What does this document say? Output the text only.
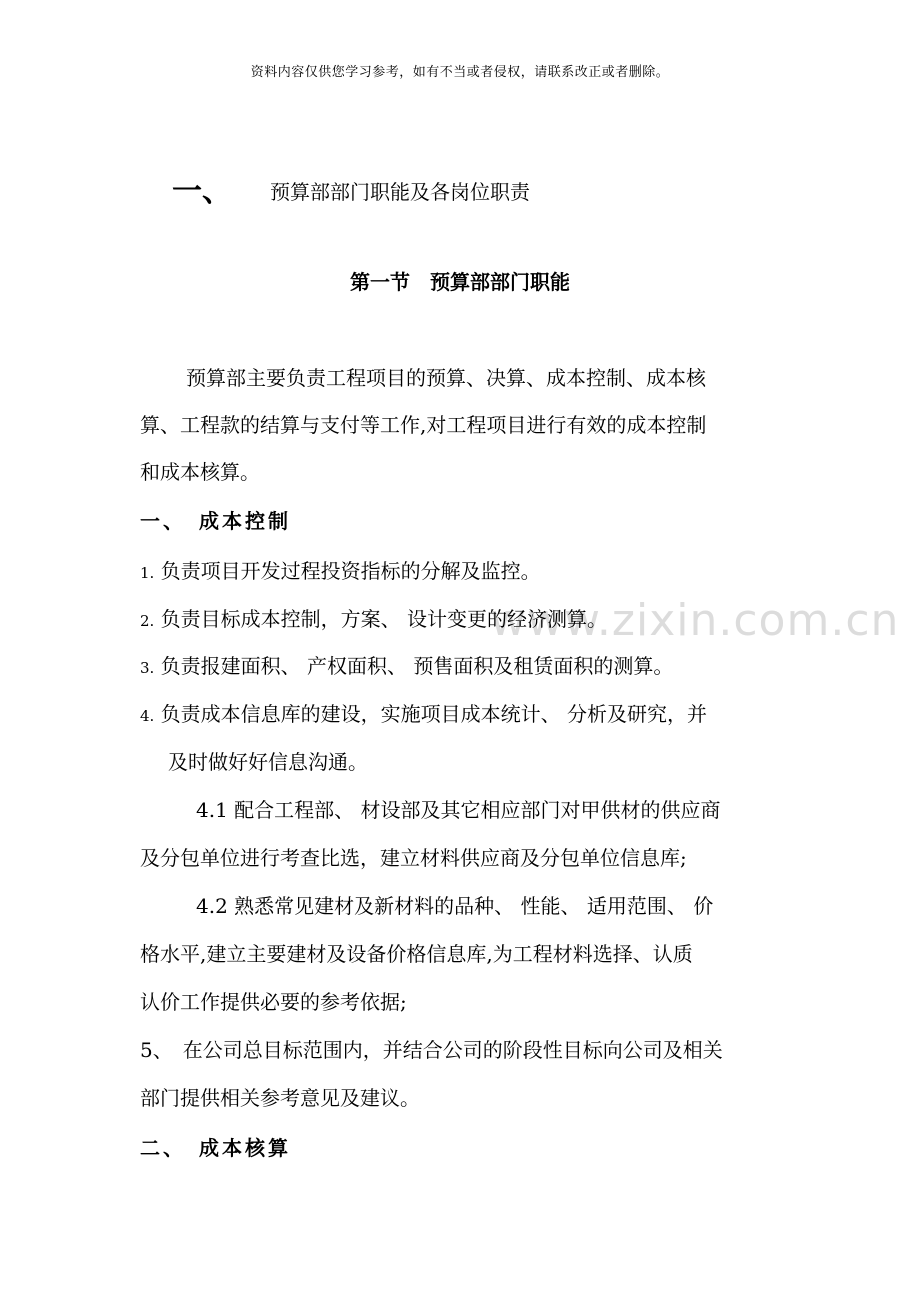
资料内容仅供您学习参考，如有不当或者侵权，请联系改正或者删除。
www.zixin.com.cn
一、 预算部部门职能及各岗位职责
第一节　预算部部门职能
预算部主要负责工程项目的预算、决算、成本控制、成本核
算、工程款的结算与支付等工作,对工程项目进行有效的成本控制
和成本核算。
一、　成本控制
1. 负责项目开发过程投资指标的分解及监控。
2. 负责目标成本控制，方案、 设计变更的经济测算。
3. 负责报建面积、 产权面积、 预售面积及租赁面积的测算。
4. 负责成本信息库的建设，实施项目成本统计、 分析及研究，并
及时做好好信息沟通。
4.1 配合工程部、 材设部及其它相应部门对甲供材的供应商
及分包单位进行考查比选，建立材料供应商及分包单位信息库;
4.2 熟悉常见建材及新材料的品种、 性能、 适用范围、 价
格水平,建立主要建材及设备价格信息库,为工程材料选择、认质
认价工作提供必要的参考依据;
5、　在公司总目标范围内，并结合公司的阶段性目标向公司及相关
部门提供相关参考意见及建议。
二、　成本核算
